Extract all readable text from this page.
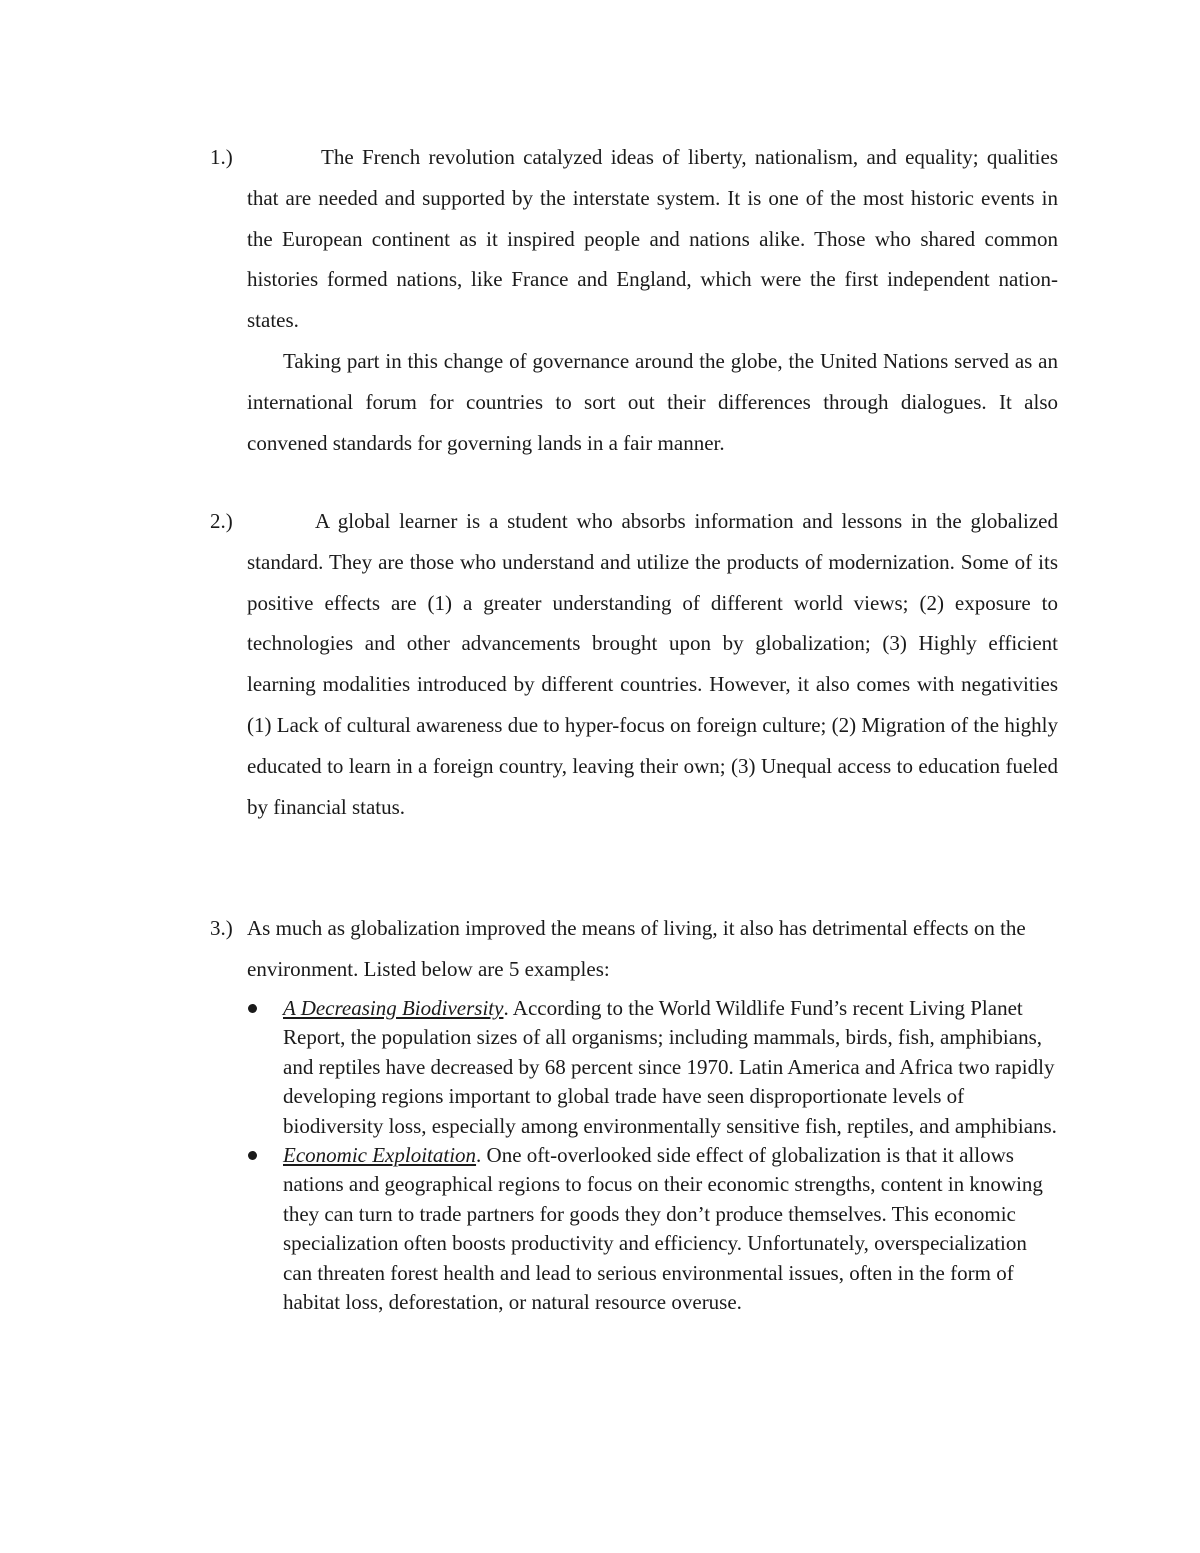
1.)	The French revolution catalyzed ideas of liberty, nationalism, and equality; qualities that are needed and supported by the interstate system. It is one of the most historic events in the European continent as it inspired people and nations alike. Those who shared common histories formed nations, like France and England, which were the first independent nation-states.

Taking part in this change of governance around the globe, the United Nations served as an international forum for countries to sort out their differences through dialogues. It also convened standards for governing lands in a fair manner.

2.)	A global learner is a student who absorbs information and lessons in the globalized standard. They are those who understand and utilize the products of modernization. Some of its positive effects are (1) a greater understanding of different world views; (2) exposure to technologies and other advancements brought upon by globalization; (3) Highly efficient learning modalities introduced by different countries. However, it also comes with negativities (1) Lack of cultural awareness due to hyper-focus on foreign culture; (2) Migration of the highly educated to learn in a foreign country, leaving their own; (3) Unequal access to education fueled by financial status.

3.) As much as globalization improved the means of living, it also has detrimental effects on the environment. Listed below are 5 examples:

A Decreasing Biodiversity. According to the World Wildlife Fund’s recent Living Planet Report, the population sizes of all organisms; including mammals, birds, fish, amphibians, and reptiles have decreased by 68 percent since 1970. Latin America and Africa two rapidly developing regions important to global trade have seen disproportionate levels of biodiversity loss, especially among environmentally sensitive fish, reptiles, and amphibians.
Economic Exploitation. One oft-overlooked side effect of globalization is that it allows nations and geographical regions to focus on their economic strengths, content in knowing they can turn to trade partners for goods they don’t produce themselves. This economic specialization often boosts productivity and efficiency. Unfortunately, overspecialization can threaten forest health and lead to serious environmental issues, often in the form of habitat loss, deforestation, or natural resource overuse.
